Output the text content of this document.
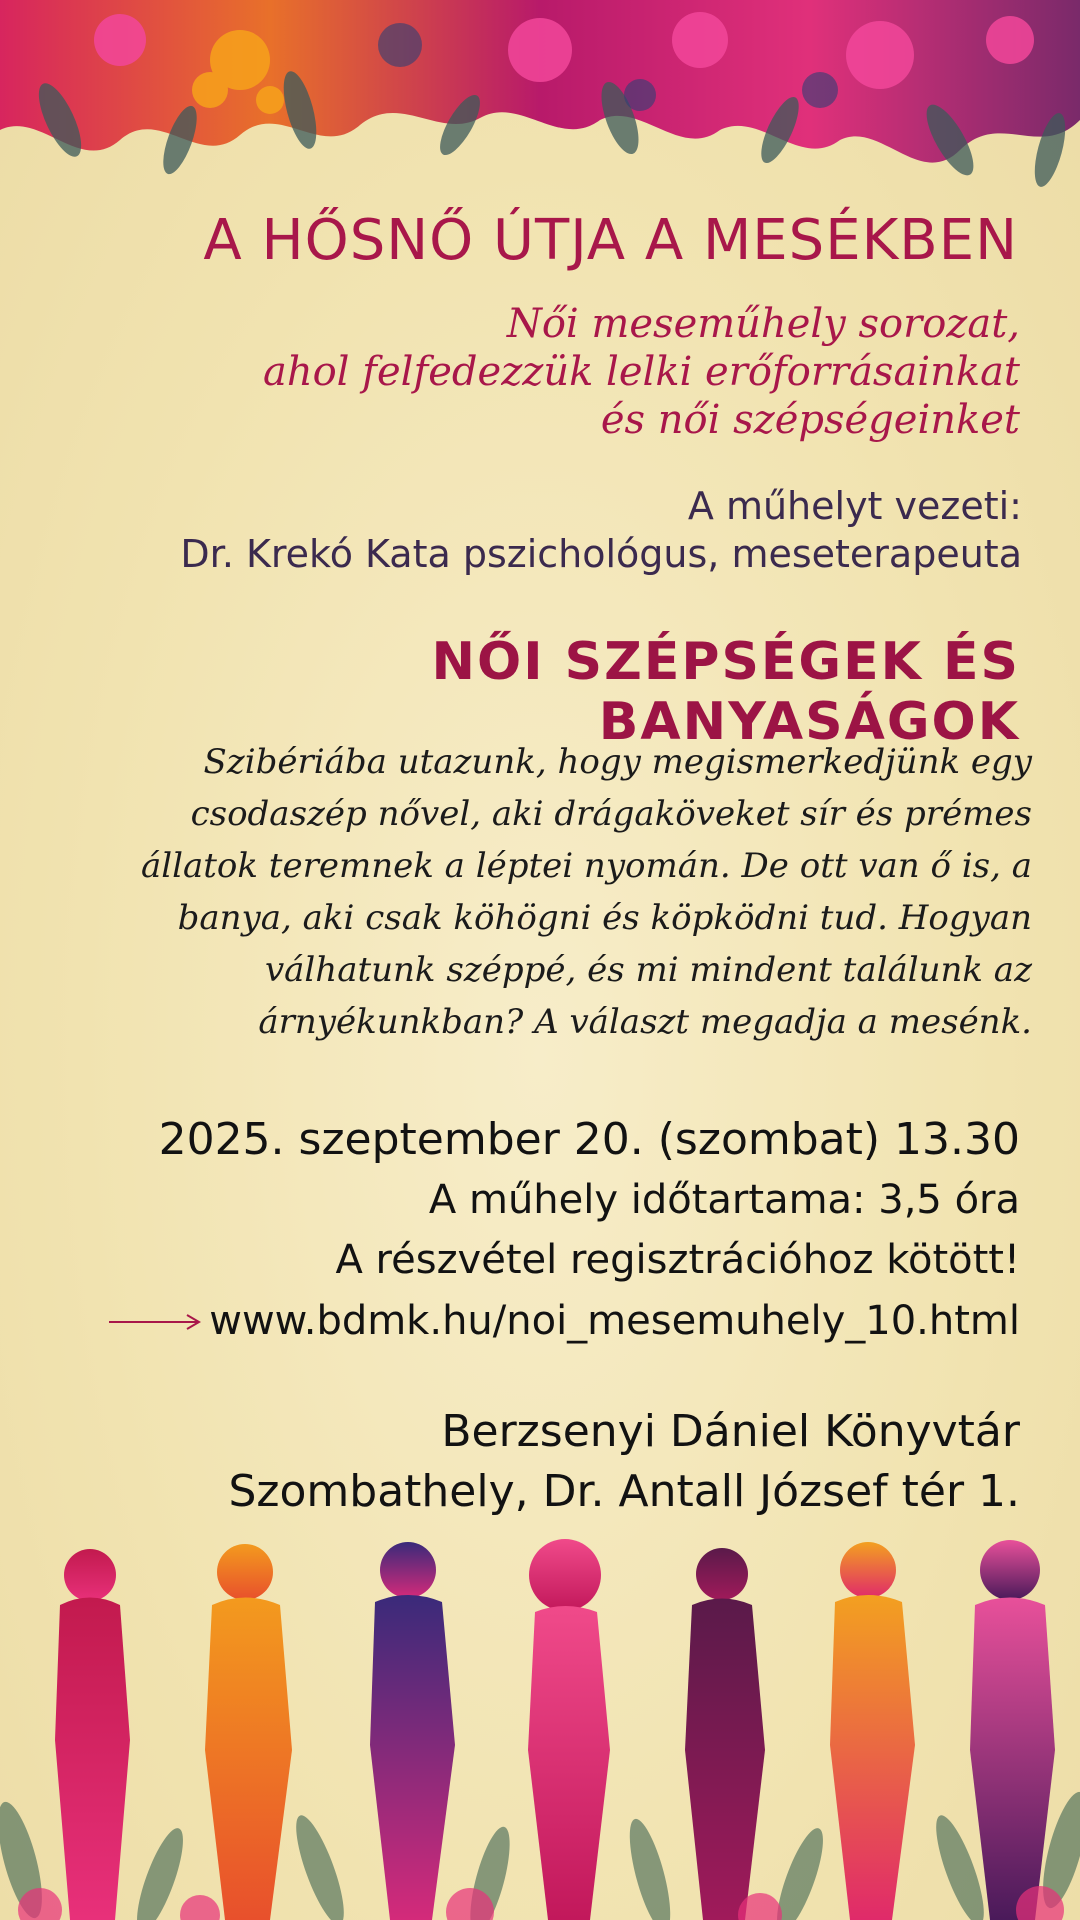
A HŐSNŐ ÚTJA A MESÉKBEN
Női meseműhely sorozat,
ahol felfedezzük lelki erőforrásainkat
és női szépségeinket
A műhelyt vezeti:
Dr. Krekó Kata pszichológus, meseterapeuta
NŐI SZÉPSÉGEK ÉS BANYASÁGOK
Szibériába utazunk, hogy megismerkedjünk egy
csodaszép nővel, aki drágaköveket sír és prémes
állatok teremnek a léptei nyomán. De ott van ő is, a
banya, aki csak köhögni és köpködni tud. Hogyan
válhatunk széppé, és mi mindent találunk az
árnyékunkban? A választ megadja a mesénk.
2025. szeptember 20. (szombat) 13.30
A műhely időtartama: 3,5 óra
A részvétel regisztrációhoz kötött!
www.bdmk.hu/noi_mesemuhely_10.html
Berzsenyi Dániel Könyvtár
Szombathely, Dr. Antall József tér 1.
